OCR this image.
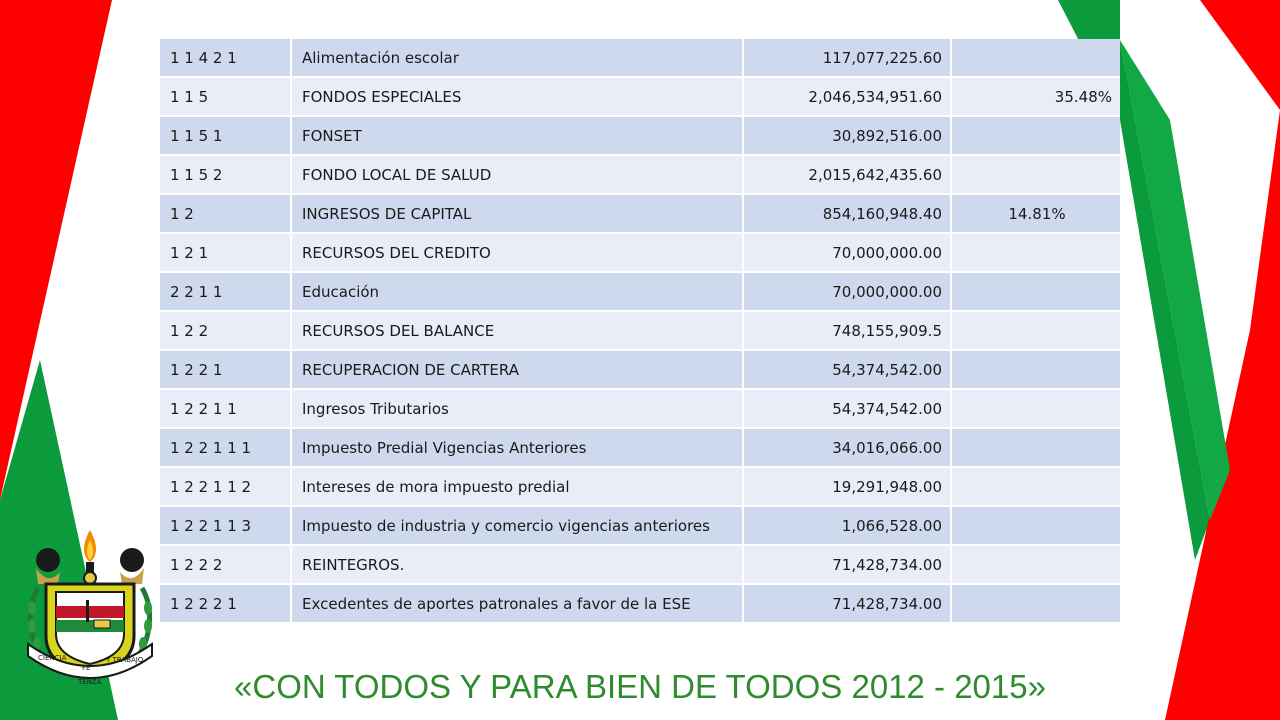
1 1 4 2 1	Alimentación escolar	117,077,225.60	
1 1 5	FONDOS ESPECIALES	2,046,534,951.60	35.48%
1 1 5 1	FONSET	30,892,516.00	
1 1 5 2	FONDO LOCAL DE SALUD	2,015,642,435.60	
1 2	INGRESOS DE CAPITAL	854,160,948.40	14.81%
1 2 1	RECURSOS DEL CREDITO	70,000,000.00	
2 2 1 1	Educación	70,000,000.00	
1 2 2	RECURSOS DEL BALANCE	748,155,909.5	
1 2 2 1	RECUPERACION DE CARTERA	54,374,542.00	
1 2 2 1 1	Ingresos Tributarios	54,374,542.00	
1 2 2 1 1 1	Impuesto Predial Vigencias Anteriores	34,016,066.00	
1 2 2 1 1 2	Intereses de mora impuesto predial	19,291,948.00	
1 2 2 1 1 3	Impuesto de industria y comercio vigencias anteriores	1,066,528.00	
1 2 2 2	REINTEGROS.	71,428,734.00	
1 2 2 2 1	Excedentes de aportes patronales a favor de la ESE	71,428,734.00	
CIENCIA
FE
Y TRABAJO
TENZA	«CON TODOS Y PARA BIEN DE TODOS 2012 - 2015»
